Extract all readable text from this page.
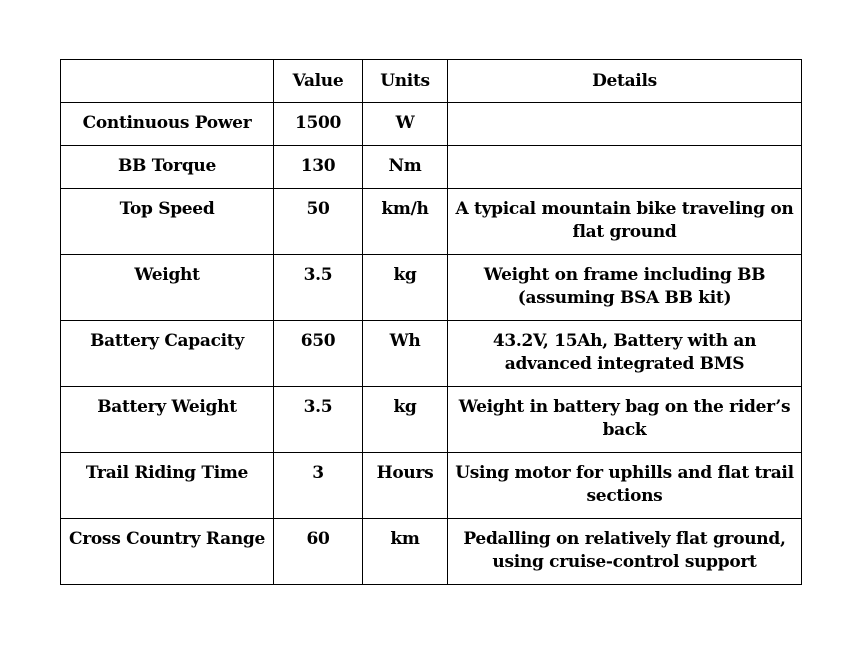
	Value	Units	Details
Continuous Power	1500	W	
BB Torque	130	Nm	
Top Speed	50	km/h	A typical mountain bike traveling on flat ground
Weight	3.5	kg	Weight on frame including BB (assuming BSA BB kit)
Battery Capacity	650	Wh	43.2V, 15Ah, Battery with an advanced integrated BMS
Battery Weight	3.5	kg	Weight in battery bag on the rider’s back
Trail Riding Time	3	Hours	Using motor for uphills and flat trail sections
Cross Country Range	60	km	Pedalling on relatively flat ground, using cruise-control support
